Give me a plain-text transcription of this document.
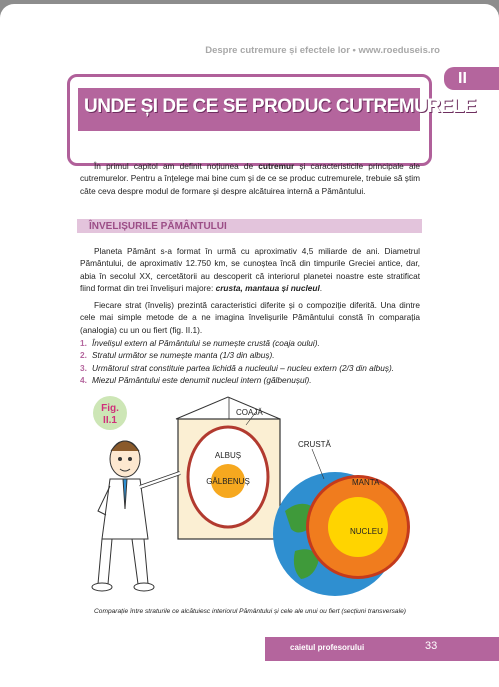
Despre cutremure și efectele lor • www.roeduseis.ro
II
UNDE ȘI DE CE SE PRODUC CUTREMURELE
În primul capitol am definit noțiunea de cutremur și caracteristicile principale ale cutremurelor. Pentru a înțelege mai bine cum și de ce se produc cutremurele, trebuie să știm câte ceva despre modul de formare și despre alcătuirea internă a Pământului.
ÎNVELIȘURILE PĂMÂNTULUI
Planeta Pământ s-a format în urmă cu aproximativ 4,5 miliarde de ani. Diametrul Pământului, de aproximativ 12.750 km, se cunoștea încă din timpurile Greciei antice, dar, abia în secolul XX, cercetătorii au descoperit că interiorul planetei noastre este stratificat fiind format din trei învelișuri majore: crusta, mantaua și nucleul.
Fiecare strat (înveliș) prezintă caracteristici diferite și o compoziție diferită. Una dintre cele mai simple metode de a ne imagina învelișurile Pământului constă în comparația (analogia) cu un ou fiert (fig. II.1).
1. Învelișul extern al Pământului se numește crustă (coaja oului).
2. Stratul următor se numește manta (1/3 din albuș).
3. Următorul strat constituie partea lichidă a nucleului – nucleu extern (2/3 din albuș).
4. Miezul Pământului este denumit nucleul intern (gălbenușul).
Fig.
II.1
COAJĂ
ALBUȘ
GĂLBENUȘ
CRUSTĂ
MANTA
NUCLEU
Comparație între straturile ce alcătuiesc interiorul Pământului și cele ale unui ou fiert (secțiuni transversale)
caietul profesorului	33
